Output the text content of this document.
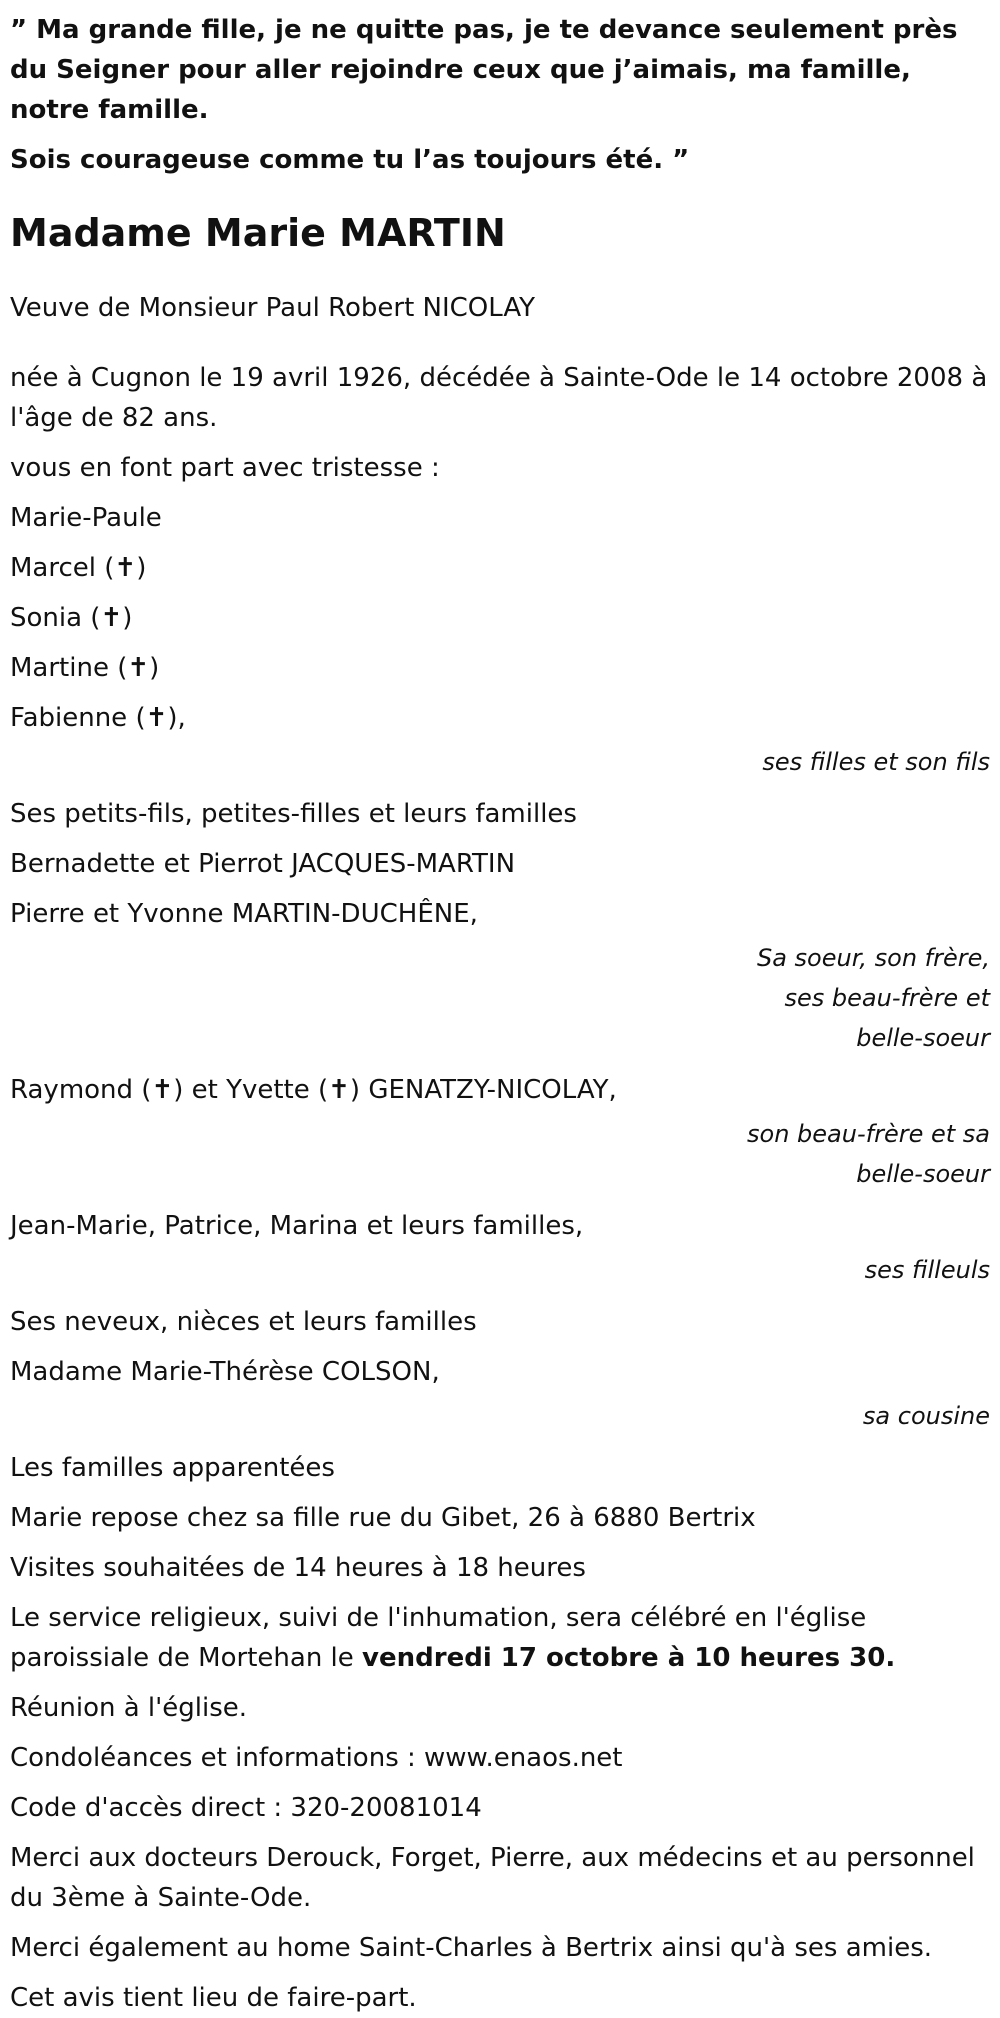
” Ma grande fille, je ne quitte pas, je te devance seulement près du Seigner pour aller rejoindre ceux que j’aimais, ma famille, notre famille.

Sois courageuse comme tu l’as toujours été. ”

Madame Marie MARTIN
Veuve de Monsieur Paul Robert NICOLAY
née à Cugnon le 19 avril 1926, décédée à Sainte-Ode le 14 octobre 2008 à l'âge de 82 ans.
vous en font part avec tristesse :
Marie-Paule
Marcel (✝)
Sonia (✝)
Martine (✝)
Fabienne (✝),
ses filles et son fils
Ses petits-fils, petites-filles et leurs familles
Bernadette et Pierrot JACQUES-MARTIN
Pierre et Yvonne MARTIN-DUCHÊNE,
Sa soeur, son frère,
ses beau-frère et
belle-soeur
Raymond (✝) et Yvette (✝) GENATZY-NICOLAY,
son beau-frère et sa
belle-soeur
Jean-Marie, Patrice, Marina et leurs familles,
ses filleuls
Ses neveux, nièces et leurs familles
Madame Marie-Thérèse COLSON,
sa cousine
Les familles apparentées
Marie repose chez sa fille rue du Gibet, 26 à 6880 Bertrix
Visites souhaitées de 14 heures à 18 heures
Le service religieux, suivi de l'inhumation, sera célébré en l'église paroissiale de Mortehan le vendredi 17 octobre à 10 heures 30.
Réunion à l'église.
Condoléances et informations : www.enaos.net
Code d'accès direct : 320-20081014
Merci aux docteurs Derouck, Forget, Pierre, aux médecins et au personnel du 3ème à Sainte-Ode.
Merci également au home Saint-Charles à Bertrix ainsi qu'à ses amies.
Cet avis tient lieu de faire-part.
